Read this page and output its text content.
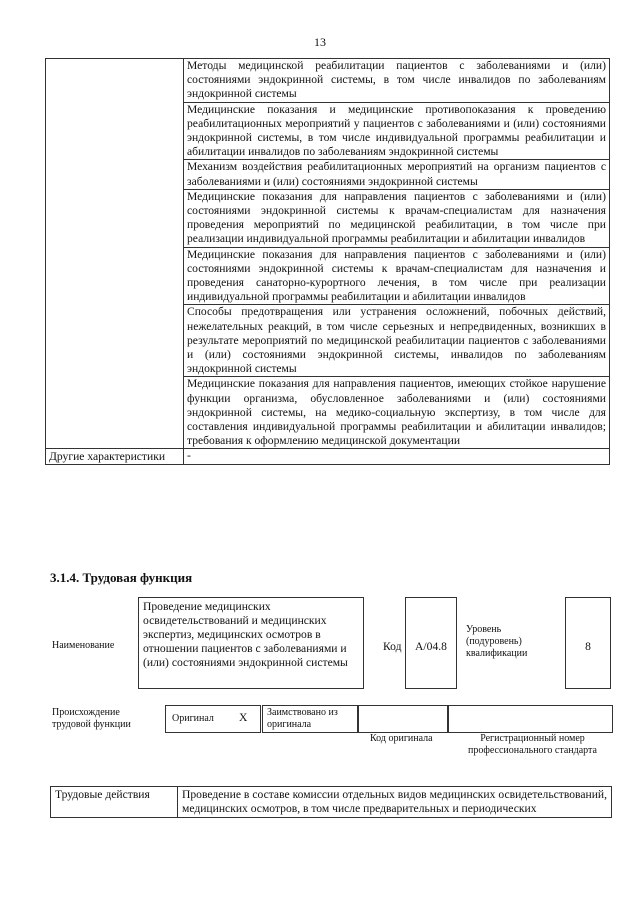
13
	Методы медицинской реабилитации пациентов с заболеваниями и (или) состояниями эндокринной системы, в том числе инвалидов по заболеваниям эндокринной системы
	Медицинские показания и медицинские противопоказания к проведению реабилитационных мероприятий у пациентов с заболеваниями и (или) состояниями эндокринной системы, в том числе индивидуальной программы реабилитации и абилитации инвалидов по заболеваниям эндокринной системы
	Механизм воздействия реабилитационных мероприятий на организм пациентов с заболеваниями и (или) состояниями эндокринной системы
	Медицинские показания для направления пациентов с заболеваниями и (или) состояниями эндокринной системы к врачам-специалистам для назначения проведения мероприятий по медицинской реабилитации, в том числе при реализации индивидуальной программы реабилитации и абилитации инвалидов
	Медицинские показания для направления пациентов с заболеваниями и (или) состояниями эндокринной системы к врачам-специалистам для назначения и проведения санаторно-курортного лечения, в том числе при реализации индивидуальной программы реабилитации и абилитации инвалидов
	Способы предотвращения или устранения осложнений, побочных действий, нежелательных реакций, в том числе серьезных и непредвиденных, возникших в результате мероприятий по медицинской реабилитации пациентов с заболеваниями и (или) состояниями эндокринной системы, инвалидов по заболеваниям эндокринной системы
	Медицинские показания для направления пациентов, имеющих стойкое нарушение функции организма, обусловленное заболеваниями и (или) состояниями эндокринной системы, на медико-социальную экспертизу, в том числе для составления индивидуальной программы реабилитации и абилитации инвалидов; требования к оформлению медицинской документации
Другие характеристики	-
3.1.4. Трудовая функция
Наименование
Проведение медицинских освидетельствований и медицинских экспертиз, медицинских осмотров в отношении пациентов с заболеваниями и (или) состояниями эндокринной системы
Код	А/04.8
Уровень (подуровень) квалификации
8
Происхождение трудовой функции
Оригинал X Заимствовано из оригинала
Код оригинала	Регистрационный номер профессионального стандарта
Трудовые действия	Проведение в составе комиссии отдельных видов медицинских освидетельствований, медицинских осмотров, в том числе предварительных и периодических
